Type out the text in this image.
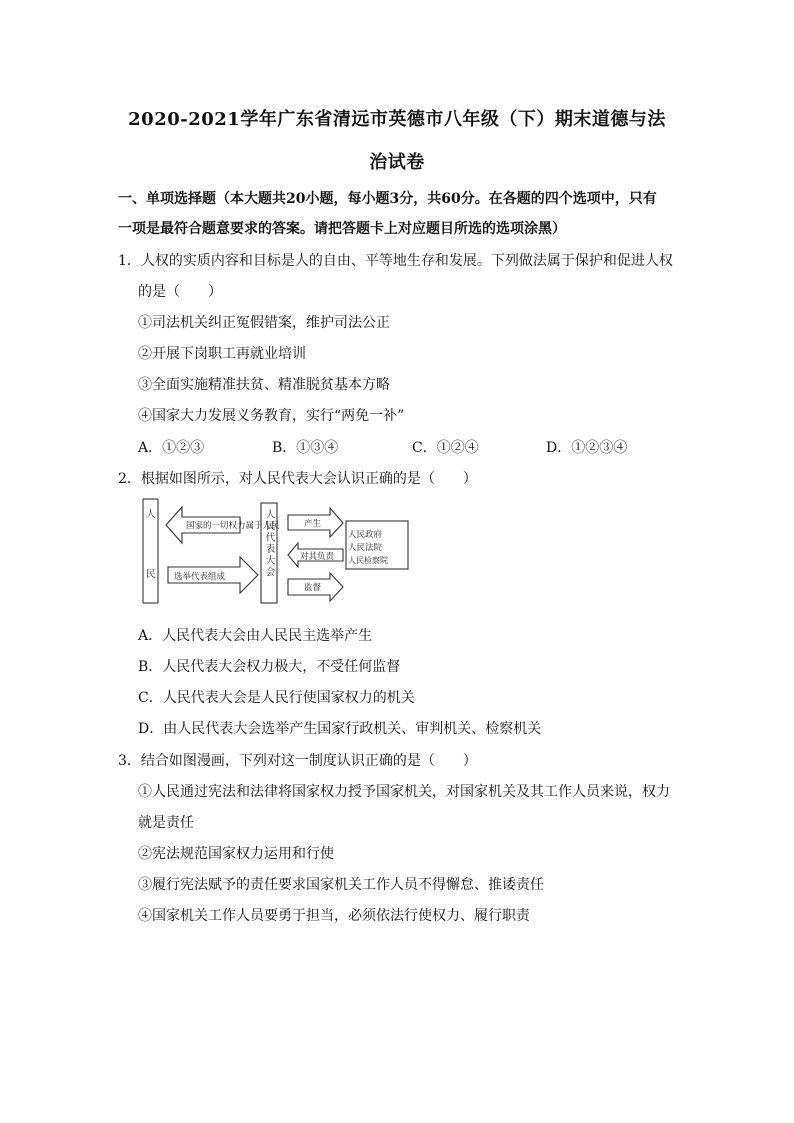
2020-2021学年广东省清远市英德市八年级（下）期末道德与法
治试卷
一、单项选择题（本大题共20小题，每小题3分，共60分。在各题的四个选项中，只有
一项是最符合题意要求的答案。请把答题卡上对应题目所选的选项涂黑）
1．人权的实质内容和目标是人的自由、平等地生存和发展。下列做法属于保护和促进人权
的是（　　）
①司法机关纠正冤假错案，维护司法公正
②开展下岗职工再就业培训
③全面实施精准扶贫、精准脱贫基本方略
④国家大力发展义务教育，实行“两免一补”
A．①②③	B．①③④	C．①②④	D．①②③④
2．根据如图所示，对人民代表大会认识正确的是（　　）
人
民
国家的一切权力属于人民
选举代表组成
产生
对其负责
监督
人民政府
人民法院
人民检察院
人民代表大会
A．人民代表大会由人民民主选举产生
B．人民代表大会权力极大，不受任何监督
C．人民代表大会是人民行使国家权力的机关
D．由人民代表大会选举产生国家行政机关、审判机关、检察机关
3．结合如图漫画，下列对这一制度认识正确的是（　　）
①人民通过宪法和法律将国家权力授予国家机关，对国家机关及其工作人员来说，权力
就是责任
②宪法规范国家权力运用和行使
③履行宪法赋予的责任要求国家机关工作人员不得懈怠、推诿责任
④国家机关工作人员要勇于担当，必须依法行使权力、履行职责
